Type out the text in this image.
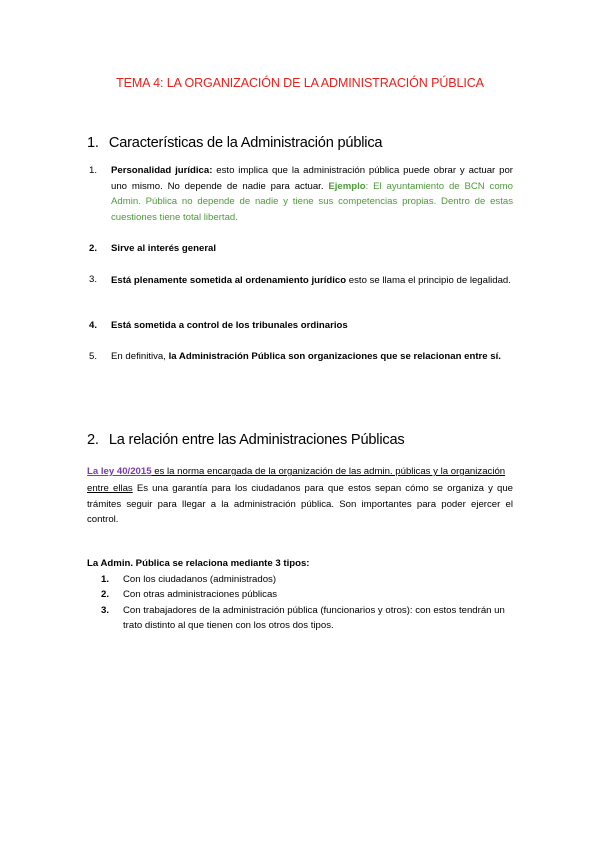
TEMA 4: LA ORGANIZACIÓN DE LA ADMINISTRACIÓN PÚBLICA
1. Características de la Administración pública
1. Personalidad jurídica: esto implica que la administración pública puede obrar y actuar por uno mismo. No depende de nadie para actuar. Ejemplo: El ayuntamiento de BCN como Admin. Pública no depende de nadie y tiene sus competencias propias. Dentro de estas cuestiones tiene total libertad.
2. Sirve al interés general
3. Está plenamente sometida al ordenamiento jurídico esto se llama el principio de legalidad.
4. Está sometida a control de los tribunales ordinarios
5. En definitiva, la Administración Pública son organizaciones que se relacionan entre sí.
2. La relación entre las Administraciones Públicas
La ley 40/2015 es la norma encargada de la organización de las admin. públicas y la organización
entre ellas Es una garantía para los ciudadanos para que estos sepan cómo se organiza y que trámites seguir para llegar a la administración pública. Son importantes para poder ejercer el control.
La Admin. Pública se relaciona mediante 3 tipos:
1. Con los ciudadanos (administrados)
2. Con otras administraciones públicas
3. Con trabajadores de la administración pública (funcionarios y otros): con estos tendrán un trato distinto al que tienen con los otros dos tipos.
